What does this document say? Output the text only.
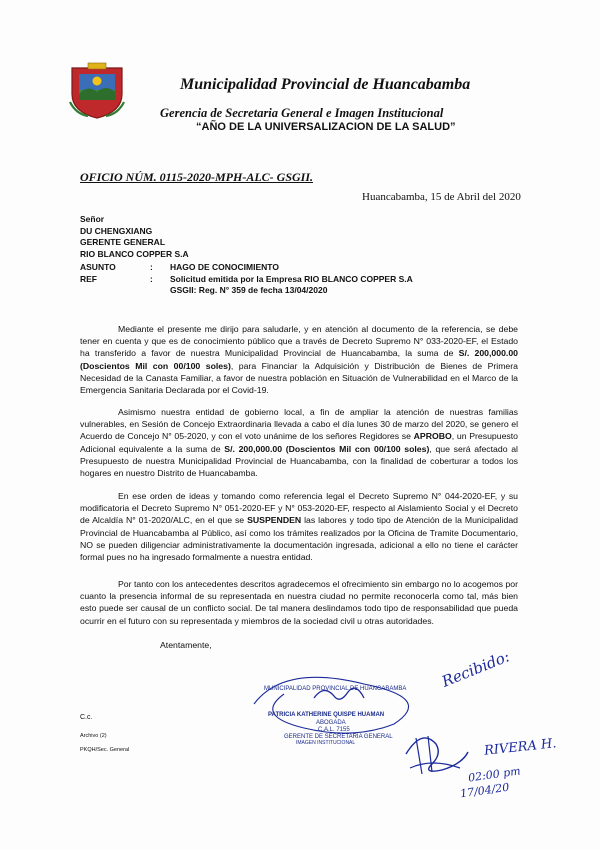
Municipalidad Provincial de Huancabamba
Gerencia de Secretaria General e Imagen Institucional
“AÑO DE LA UNIVERSALIZACION DE LA SALUD”
OFICIO NÚM. 0115-2020-MPH-ALC- GSGII.
Huancabamba, 15 de Abril del 2020
Señor
DU CHENGXIANG
GERENTE GENERAL
RIO BLANCO COPPER S.A
ASUNTO	: HAGO DE CONOCIMIENTO
REF	: Solicitud emitida por la Empresa RIO BLANCO COPPER S.A
GSGII: Reg. N° 359 de fecha 13/04/2020
Mediante el presente me dirijo para saludarle, y en atención al documento de la referencia, se debe tener en cuenta y que es de conocimiento público que a través de Decreto Supremo N° 033-2020-EF, el Estado ha transferido a favor de nuestra Municipalidad Provincial de Huancabamba, la suma de S/. 200,000.00 (Doscientos Mil con 00/100 soles), para Financiar la Adquisición y Distribución de Bienes de Primera Necesidad de la Canasta Familiar, a favor de nuestra población en Situación de Vulnerabilidad en el Marco de la Emergencia Sanitaria Declarada por el Covid-19.
Asimismo nuestra entidad de gobierno local, a fin de ampliar la atención de nuestras familias vulnerables, en Sesión de Concejo Extraordinaria llevada a cabo el día lunes 30 de marzo del 2020, se genero el Acuerdo de Concejo N° 05-2020, y con el voto unánime de los señores Regidores se APROBO, un Presupuesto Adicional equivalente a la suma de S/. 200,000.00 (Doscientos Mil con 00/100 soles), que será afectado al Presupuesto de nuestra Municipalidad Provincial de Huancabamba, con la finalidad de coberturar a todos los hogares en nuestro Distrito de Huancabamba.
En ese orden de ideas y tomando como referencia legal el Decreto Supremo N° 044-2020-EF, y su modificatoria el Decreto Supremo N° 051-2020-EF y N° 053-2020-EF, respecto al Aislamiento Social y el Decreto de Alcaldía N° 01-2020/ALC, en el que se SUSPENDEN las labores y todo tipo de Atención de la Municipalidad Provincial de Huancabamba al Público, así como los trámites realizados por la Oficina de Tramite Documentario, NO se pueden diligenciar administrativamente la documentación ingresada, adicional a ello no tiene el carácter formal pues no ha ingresado formalmente a nuestra entidad.
Por tanto con los antecedentes descritos agradecemos el ofrecimiento sin embargo no lo acogemos por cuanto la presencia informal de su representada en nuestra ciudad no permite reconocerla como tal, más bien esto puede ser causal de un conflicto social. De tal manera deslindamos todo tipo de responsabilidad que pueda ocurrir en el futuro con su representada y miembros de la sociedad civil u otras autoridades.
Atentamente,
MUNICIPALIDAD PROVINCIAL DE HUANCABAMBA
PATRICIA KATHERINE QUISPE HUAMAN
ABOGADA
C.A.L. 7155
GERENTE DE SECRETARIA GENERAL
IMAGEN INSTITUCIONAL
Recibido:
RIVERA H.
02:00 pm
17/04/20
C.c.
Archivo (2)
PKQH/Sec. General
